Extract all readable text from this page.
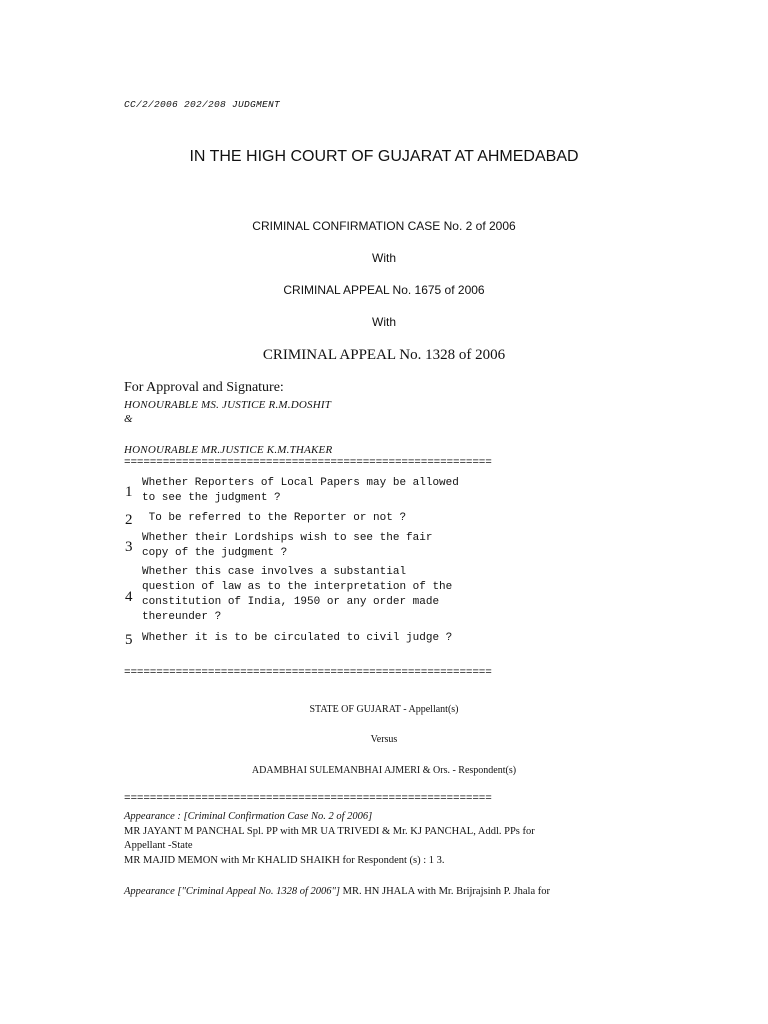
CC/2/2006 202/208 JUDGMENT
IN THE HIGH COURT OF GUJARAT AT AHMEDABAD
CRIMINAL CONFIRMATION CASE No. 2 of 2006
With
CRIMINAL APPEAL No. 1675 of 2006
With
CRIMINAL APPEAL No. 1328 of 2006
For Approval and Signature:
HONOURABLE MS. JUSTICE R.M.DOSHIT
&
HONOURABLE MR.JUSTICE K.M.THAKER
=========================================================
1
Whether Reporters of Local Papers may be allowed
to see the judgment ?
2 To be referred to the Reporter or not ?
3
Whether their Lordships wish to see the fair
copy of the judgment ?
4
Whether this case involves a substantial
question of law as to the interpretation of the
constitution of India, 1950 or any order made
thereunder ?
5 Whether it is to be circulated to civil judge ?
=========================================================
STATE OF GUJARAT - Appellant(s)
Versus
ADAMBHAI SULEMANBHAI AJMERI & Ors. - Respondent(s)
=========================================================
Appearance : [Criminal Confirmation Case No. 2 of 2006]
MR JAYANT M PANCHAL Spl. PP with MR UA TRIVEDI & Mr. KJ PANCHAL, Addl. PPs for
Appellant -State
MR MAJID MEMON with Mr KHALID SHAIKH for Respondent (s) : 1 3.
Appearance ["Criminal Appeal No. 1328 of 2006"] MR. HN JHALA with Mr. Brijrajsinh P. Jhala for
